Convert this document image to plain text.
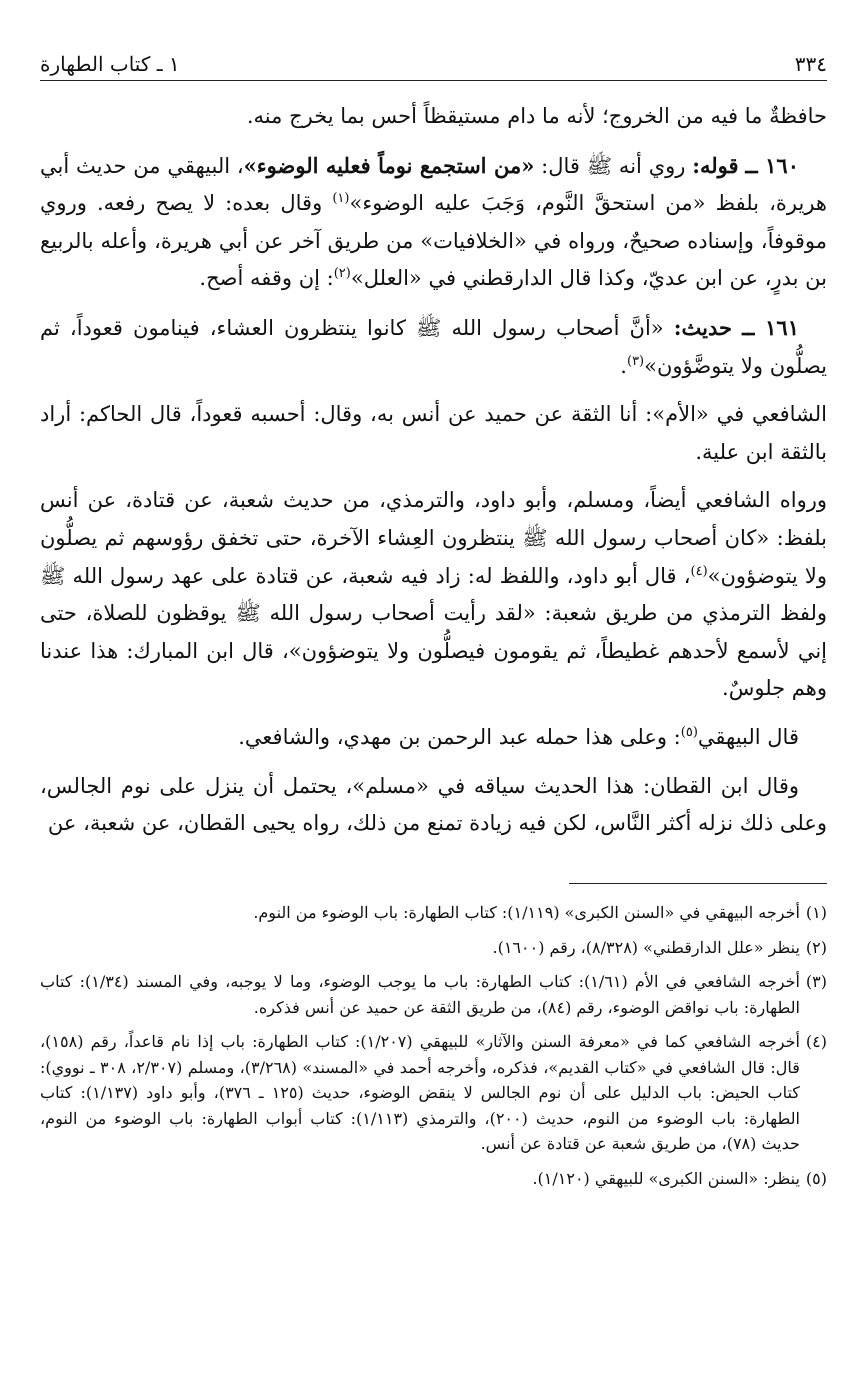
٣٣٤
١ ـ كتاب الطهارة

حافظةٌ ما فيه من الخروج؛ لأنه ما دام مستيقظاً أحس بما يخرج منه.

١٦٠ ــ قوله: روي أنه ﷺ قال: «من استجمع نوماً فعليه الوضوء»، البيهقي من حديث أبي هريرة، بلفظ «من استحقَّ النَّوم، وَجَبَ عليه الوضوء»$^{(١)}$ وقال بعده: لا يصح رفعه. وروي موقوفاً، وإسناده صحيحٌ، ورواه في «الخلافيات» من طريق آخر عن أبي هريرة، وأعله بالربيع بن بدرٍ، عن ابن عديّ، وكذا قال الدارقطني في «العلل»$^{(٢)}$: إن وقفه أصح.

١٦١ ــ حديث: «أنَّ أصحاب رسول الله ﷺ كانوا ينتظرون العشاء، فينامون قعوداً، ثم يصلُّون ولا يتوضَّؤون»$^{(٣)}$.

الشافعي في «الأم»: أنا الثقة عن حميد عن أنس به، وقال: أحسبه قعوداً، قال الحاكم: أراد بالثقة ابن علية.

ورواه الشافعي أيضاً، ومسلم، وأبو داود، والترمذي، من حديث شعبة، عن قتادة، عن أنس بلفظ: «كان أصحاب رسول الله ﷺ ينتظرون العِشاء الآخرة، حتى تخفق رؤوسهم ثم يصلُّون ولا يتوضؤون»$^{(٤)}$، قال أبو داود، واللفظ له: زاد فيه شعبة، عن قتادة على عهد رسول الله ﷺ ولفظ الترمذي من طريق شعبة: «لقد رأيت أصحاب رسول الله ﷺ يوقظون للصلاة، حتى إني لأسمع لأحدهم غطيطاً، ثم يقومون فيصلُّون ولا يتوضؤون»، قال ابن المبارك: هذا عندنا وهم جلوسٌ.

قال البيهقي$^{(٥)}$: وعلى هذا حمله عبد الرحمن بن مهدي، والشافعي.

وقال ابن القطان: هذا الحديث سياقه في «مسلم»، يحتمل أن ينزل على نوم الجالس، وعلى ذلك نزله أكثر النَّاس، لكن فيه زيادة تمنع من ذلك، رواه يحيى القطان، عن شعبة، عن

(١)
أخرجه البيهقي في «السنن الكبرى» (١/١١٩): كتاب الطهارة: باب الوضوء من النوم.
(٢)
ينظر «علل الدارقطني» (٨/٣٢٨)، رقم (١٦٠٠).
(٣)
أخرجه الشافعي في الأم (١/٦١): كتاب الطهارة: باب ما يوجب الوضوء، وما لا يوجبه، وفي المسند (١/٣٤): كتاب الطهارة: باب نواقض الوضوء، رقم (٨٤)، من طريق الثقة عن حميد عن أنس فذكره.
(٤)
أخرجه الشافعي كما في «معرفة السنن والآثار» للبيهقي (١/٢٠٧): كتاب الطهارة: باب إذا نام قاعداً، رقم (١٥٨)، قال: قال الشافعي في «كتاب القديم»، فذكره، وأخرجه أحمد في «المسند» (٣/٢٦٨)، ومسلم (٢/٣٠٧، ٣٠٨ ـ نووي): كتاب الحيض: باب الدليل على أن نوم الجالس لا ينقض الوضوء، حديث (١٢٥ ـ ٣٧٦)، وأبو داود (١/١٣٧): كتاب الطهارة: باب الوضوء من النوم، حديث (٢٠٠)، والترمذي (١/١١٣): كتاب أبواب الطهارة: باب الوضوء من النوم، حديث (٧٨)، من طريق شعبة عن قتادة عن أنس.
(٥)
ينظر: «السنن الكبرى» للبيهقي (١/١٢٠).
